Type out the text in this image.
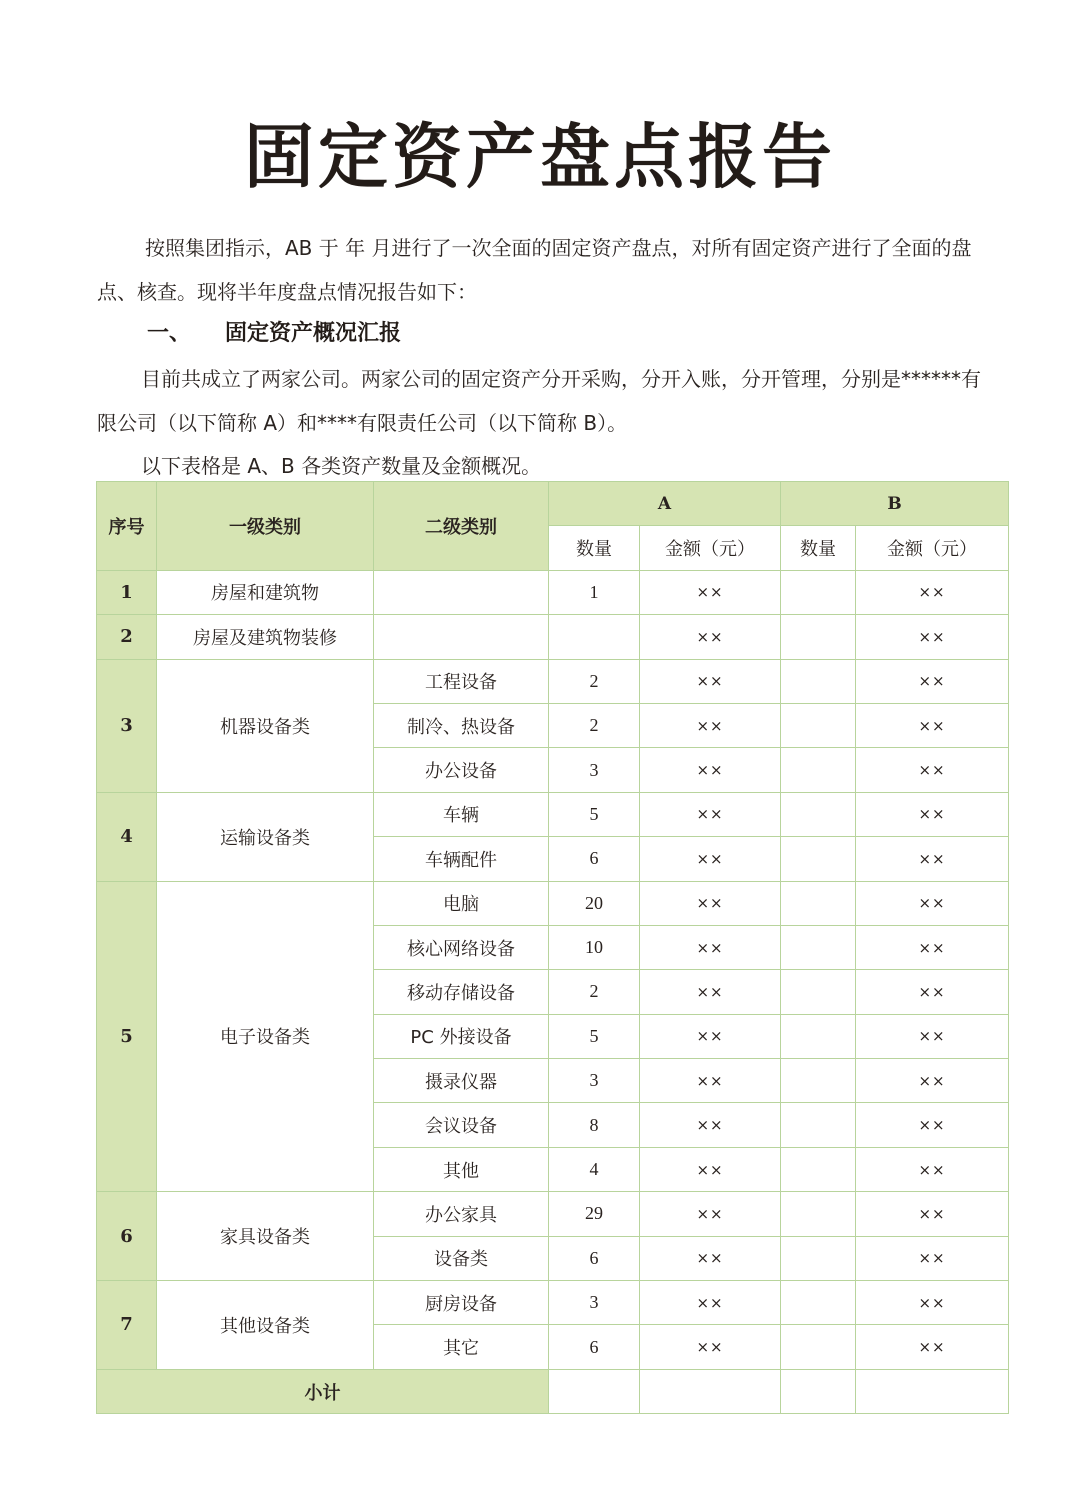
固定资产盘点报告
按照集团指示，AB 于 年 月进行了一次全面的固定资产盘点，对所有固定资产进行了全面的盘点、核查。现将半年度盘点情况报告如下：
一、 固定资产概况汇报
目前共成立了两家公司。两家公司的固定资产分开采购，分开入账，分开管理，分别是******有限公司（以下简称 A）和****有限责任公司（以下简称 B）。
以下表格是 A、B 各类资产数量及金额概况。
序号	一级类别	二级类别	A		B	
			数量	金额（元）	数量	金额（元）
1	房屋和建筑物		1	××		××
2	房屋及建筑物装修			××		××
3	机器设备类	工程设备	2	××		××
		制冷、热设备	2	××		××
		办公设备	3	××		××
4	运输设备类	车辆	5	××		××
		车辆配件	6	××		××
5	电子设备类	电脑	20	××		××
		核心网络设备	10	××		××
		移动存储设备	2	××		××
		PC 外接设备	5	××		××
		摄录仪器	3	××		××
		会议设备	8	××		××
		其他	4	××		××
6	家具设备类	办公家具	29	××		××
		设备类	6	××		××
7	其他设备类	厨房设备	3	××		××
		其它	6	××		××
小计						
